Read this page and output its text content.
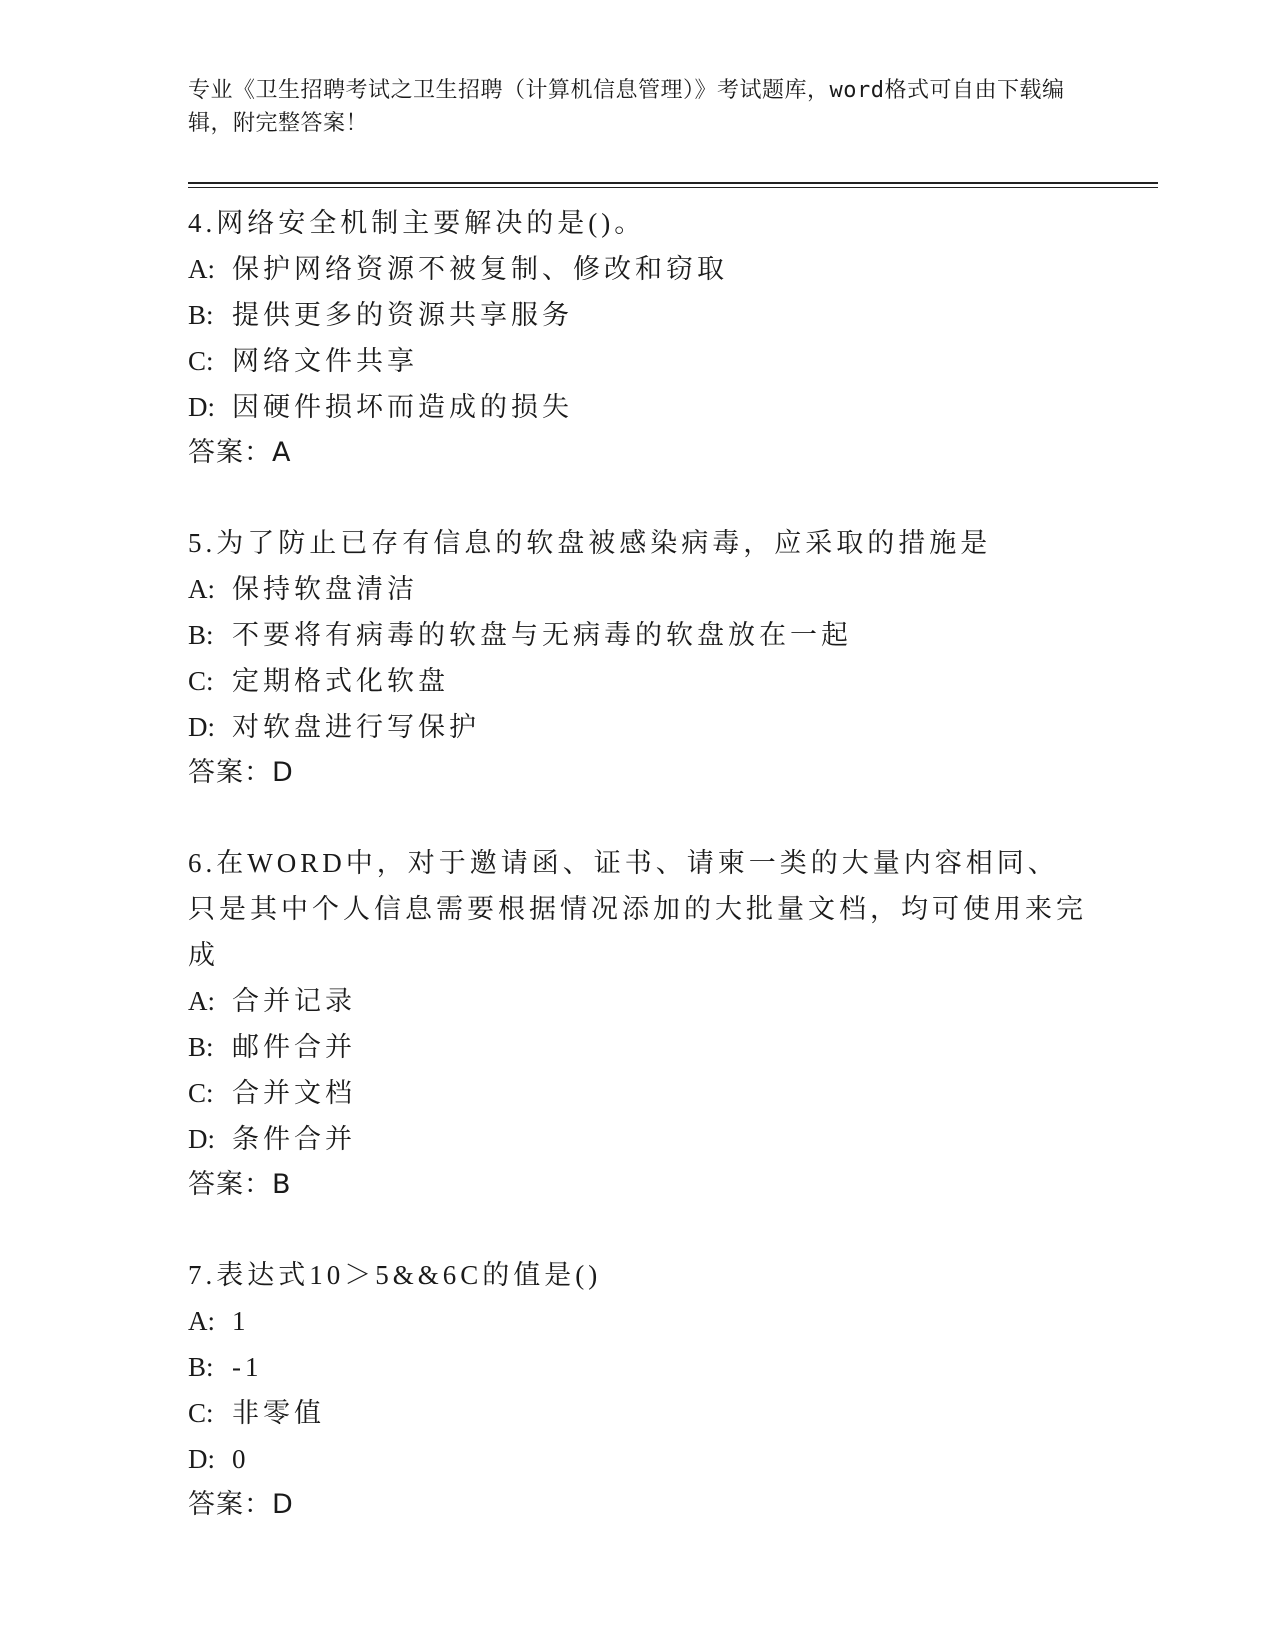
专业《卫生招聘考试之卫生招聘（计算机信息管理）》考试题库，word格式可自由下载编辑，附完整答案！

4.网络安全机制主要解决的是()。

A: 保护网络资源不被复制、修改和窃取

B: 提供更多的资源共享服务

C: 网络文件共享

D: 因硬件损坏而造成的损失

答案：A

5.为了防止已存有信息的软盘被感染病毒，应采取的措施是

A: 保持软盘清洁

B: 不要将有病毒的软盘与无病毒的软盘放在一起

C: 定期格式化软盘

D: 对软盘进行写保护

答案：D

6.在WORD中，对于邀请函、证书、请柬一类的大量内容相同、只是其中个人信息需要根据情况添加的大批量文档，均可使用来完成

A: 合并记录

B: 邮件合并

C: 合并文档

D: 条件合并

答案：B

7.表达式10＞5&&6C的值是()

A: 1

B: -1

C: 非零值

D: 0

答案：D
